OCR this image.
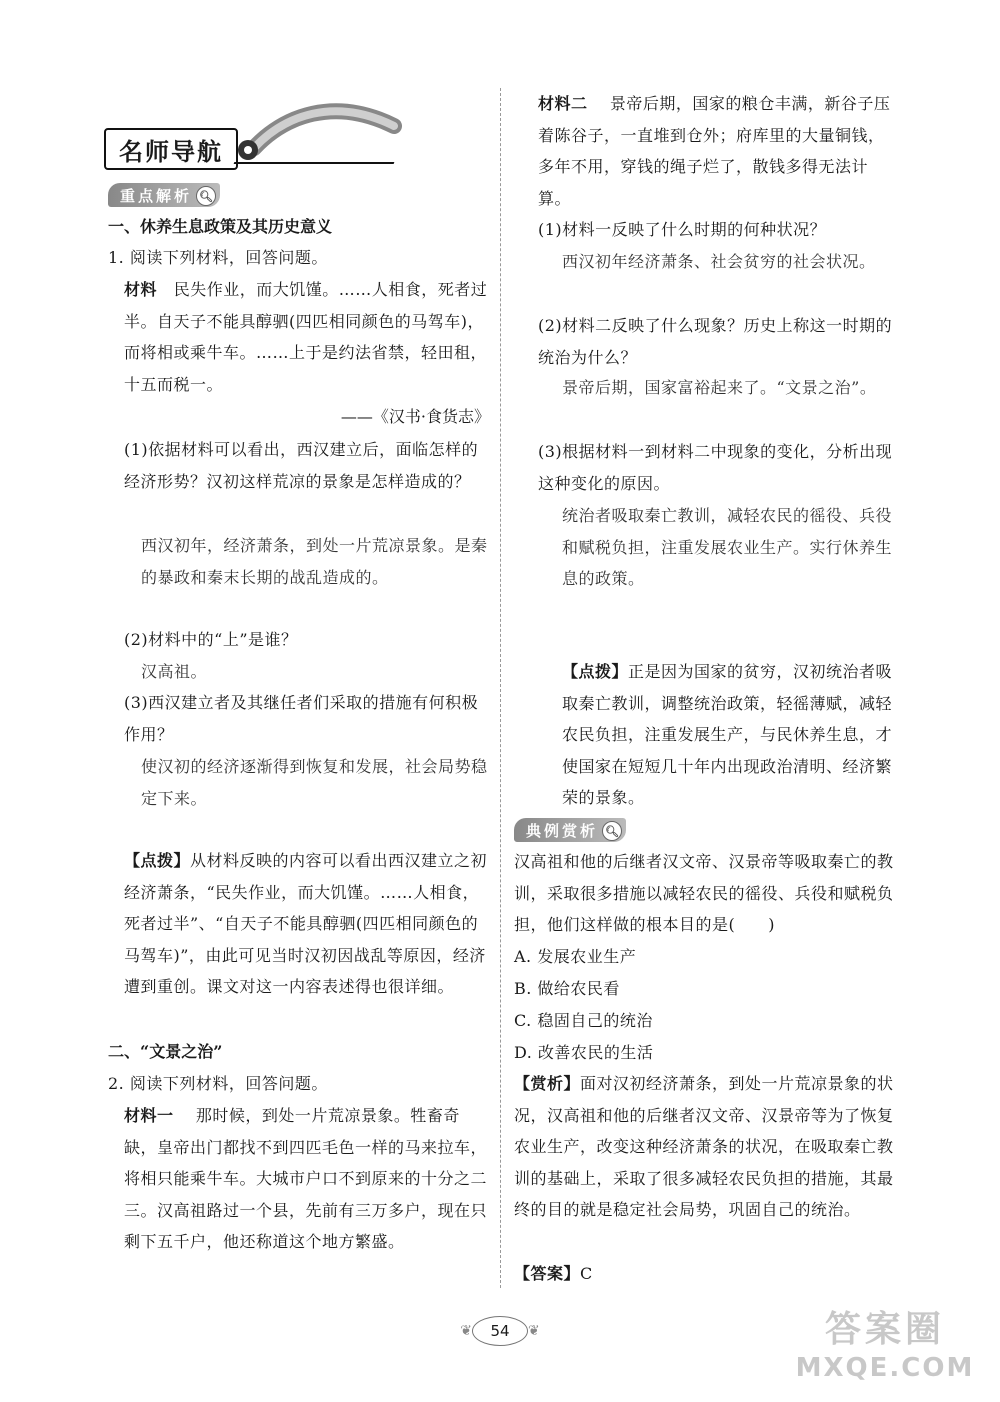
名师导航
重点解析 🔍︎
一、休养生息政策及其历史意义
1. 阅读下列材料，回答问题。
材料 民失作业，而大饥馑。……人相食，死者过半。自天子不能具醇驷(四匹相同颜色的马驾车)，而将相或乘牛车。……上于是约法省禁，轻田租，十五而税一。
——《汉书·食货志》
(1)依据材料可以看出，西汉建立后，面临怎样的经济形势？汉初这样荒凉的景象是怎样造成的？
西汉初年，经济萧条，到处一片荒凉景象。是秦的暴政和秦末长期的战乱造成的。
(2)材料中的“上”是谁？
汉高祖。
(3)西汉建立者及其继任者们采取的措施有何积极作用？
使汉初的经济逐渐得到恢复和发展，社会局势稳定下来。
【点拨】从材料反映的内容可以看出西汉建立之初经济萧条，“民失作业，而大饥馑。……人相食，死者过半”、“自天子不能具醇驷(四匹相同颜色的马驾车)”，由此可见当时汉初因战乱等原因，经济遭到重创。课文对这一内容表述得也很详细。
二、“文景之治”
2. 阅读下列材料，回答问题。
材料一 那时候，到处一片荒凉景象。牲畜奇缺，皇帝出门都找不到四匹毛色一样的马来拉车，将相只能乘牛车。大城市户口不到原来的十分之二三。汉高祖路过一个县，先前有三万多户，现在只剩下五千户，他还称道这个地方繁盛。
材料二 景帝后期，国家的粮仓丰满，新谷子压着陈谷子，一直堆到仓外；府库里的大量铜钱，多年不用，穿钱的绳子烂了，散钱多得无法计算。
(1)材料一反映了什么时期的何种状况？
西汉初年经济萧条、社会贫穷的社会状况。
(2)材料二反映了什么现象？历史上称这一时期的统治为什么？
景帝后期，国家富裕起来了。“文景之治”。
(3)根据材料一到材料二中现象的变化，分析出现这种变化的原因。
统治者吸取秦亡教训，减轻农民的徭役、兵役和赋税负担，注重发展农业生产。实行休养生息的政策。
【点拨】正是因为国家的贫穷，汉初统治者吸取秦亡教训，调整统治政策，轻徭薄赋，减轻农民负担，注重发展生产，与民休养生息，才使国家在短短几十年内出现政治清明、经济繁荣的景象。
典例赏析 🔍︎
汉高祖和他的后继者汉文帝、汉景帝等吸取秦亡的教训，采取很多措施以减轻农民的徭役、兵役和赋税负担，他们这样做的根本目的是(　　)
A. 发展农业生产
B. 做给农民看
C. 稳固自己的统治
D. 改善农民的生活
【赏析】面对汉初经济萧条，到处一片荒凉景象的状况，汉高祖和他的后继者汉文帝、汉景帝等为了恢复农业生产，改变这种经济萧条的状况，在吸取秦亡教训的基础上，采取了很多减轻农民负担的措施，其最终的目的就是稳定社会局势，巩固自己的统治。
【答案】C
❦	54	❦	答案圈
MXQE.COM
